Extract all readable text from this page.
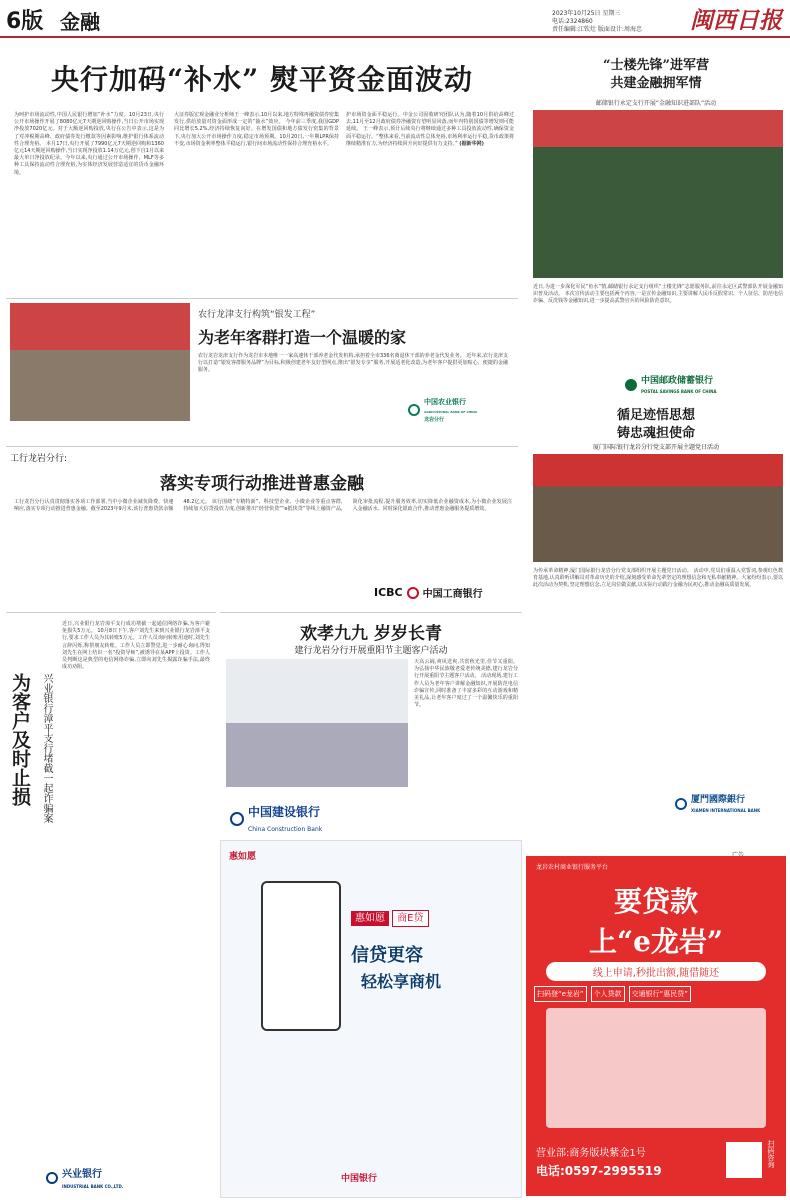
6版 金融	2023年10月25日 星期三
电话:2324860
责任编辑:江钦灶 版面设计:周海忠 闽西日报
央行加码“补水” 熨平资金面波动
为呵护市场流动性,中国人民银行增加“补水”力度。10月23日,央行公开市场操作开展了8080亿元7天期逆回购操作,当日公开市场实现净投放7020亿元。对于大额逆回购投放,央行在公告中表示,这是为了对冲税期高峰、政府债券发行缴款等因素影响,维护银行体系流动性合理充裕。 本月17日,央行开展了7990亿元7天期逆回购和1360亿元14天期逆回购操作,当日实现净投放1.14万亿元,创下自1月以来最大单日净投放纪录。今年以来,央行通过公开市场操作、MLF等多种工具保持流动性合理充裕,为实体经济发展营造适宜的货币金融环境。
大证券版宏观金融业分析师王一峰表示,10月以来,地方特殊再融资债券密集发行,供给放量对资金面形成一定的“抽水”效应。 今年前三季度,我国GDP同比增长5.2%,经济持续恢复向好。在增发国债和地方债发行密集的背景下,央行加大公开市场操作力度,稳定市场预期。10月20日,一年期LPR保持不变,市场资金利率整体平稳运行,银行间市场流动性保持合理充裕水平。
护市场资金面平稳运行。中金公司固收研究团队认为,随着10月供给高峰过去,11月至12月政府债券净融资有望明显回落,而年内特别国债等增发则可能延续。 王一峰表示,预计后续央行将继续通过多种工具投放流动性,确保资金面平稳运行。“整体来看,当前流动性总体充裕,市场利率运行平稳,货币政策将继续精准有力,为经济持续回升向好提供有力支持。” (据新华网)
“士楼先锋”进军营
共建金融拥军情
邮储银行永定支行开展“金融知识进部队”活动
近日,为进一步深化军民“鱼水”情,邮储银行永定支行组织“士楼先锋”志愿服务队,前往永定区武警部队开展金融知识普及活动。 本次宣传活动主要包括两个内容,一是宣传金融知识,主要讲解人民币反假常识、个人征信、防范电信诈骗、反洗钱等金融知识,进一步提高武警官兵的风险防范意识。
中国邮政储蓄银行
POSTAL SAVINGS BANK OF CHINA
农行龙津支行构筑“银发工程”
为老年客群打造一个温暖的家
农行龙岩龙津支行作为龙岩市本地唯一一家高速休干部养老金代发机构,承担着全市336名离退休干部的养老金代发业务。 近年来,农行龙津支行以打造“银发客群服务品牌”为目标,积极创建老年友好型网点,推出“银发专享”服务,开展适老化改造,为老年客户提供更加贴心、便捷的金融服务。
中国农业银行
AGRICULTURAL BANK OF CHINA
龙岩分行
工行龙岩分行:
落实专项行动推进普惠金融
工行龙岩分行认真贯彻落实各项工作部署,当中小微企业减负降费、快速响应,落实专项行动推进普惠金融。截至2023年9月末,该行普惠贷款余额48.2亿元。 该行围绕“专精特新”、科技型企业、小微企业等重点客群,持续加大信贷投放力度,创新推出“经营快贷”“e抵快贷”等线上融资产品,简化审批流程,提升服务效率,切实降低企业融资成本,为小微企业发展注入金融活水。同时深化银政合作,推动普惠金融服务提质增效。
ICBC 中国工商银行
循足迹悟思想
铸忠魂担使命
厦门国际银行龙岩分行党支部开展主题党日活动
为传承革命精神,厦门国际银行龙岩分行党支部组织开展主题党日活动。 活动中,党员们重温入党誓词,参观红色教育基地,认真聆听讲解员对革命历史的介绍,深刻感受革命先辈坚定的理想信念和无私奉献精神。大家纷纷表示,要以此次活动为契机,坚定理想信念,立足岗位做贡献,以实际行动践行金融为民初心,推动金融高质量发展。
厦門國際銀行
XIAMEN INTERNATIONAL BANK
为客户及时止损 兴业银行漳平支行堵截一起诈骗案
近日,兴业银行龙岩漳平支行成功堵截一起通信网络诈骗,为客户避免损失5万元。 10月8日下午,客户刘先生来到兴业银行龙岩漳平支行,要求工作人员为其转账5万元。工作人员询问转账用途时,刘先生言辞闪烁,称帮朋友转账。工作人员立即警觉,进一步耐心询问,得知刘先生在网上结识一名“投资导师”,被诱导在某APP上投资。工作人员判断这是典型的电信网络诈骗,立即向刘先生揭露诈骗手法,最终成功劝阻。
兴业银行
INDUSTRIAL BANK CO.,LTD.
欢孝九九 岁岁长青
建行龙岩分行开展重阳节主题客户活动
天高云阔,爽风送爽,共赏秋光里,佳节又重阳。为弘扬中华民族敬老爱老传统美德,建行龙岩分行开展重阳节主题客户活动。 活动现场,建行工作人员为老年客户讲解金融知识,开展防范电信诈骗宣传,同时准备了丰富多彩的互动游戏和精美礼品,让老年客户度过了一个温馨快乐的重阳节。
中国建设银行
China Construction Bank
惠如愿
惠如愿 商E贷
信贷更容
轻松享商机
中国银行
龙岩农村商业银行服务平台
要贷款
上“e龙岩”
线上申请,秒批出额,随借随还
扫码登“e龙岩”	个人贷款	交通银行“惠民贷”
营业部:商务版块紫金1号
电话:0597-2995519
扫码咨询
